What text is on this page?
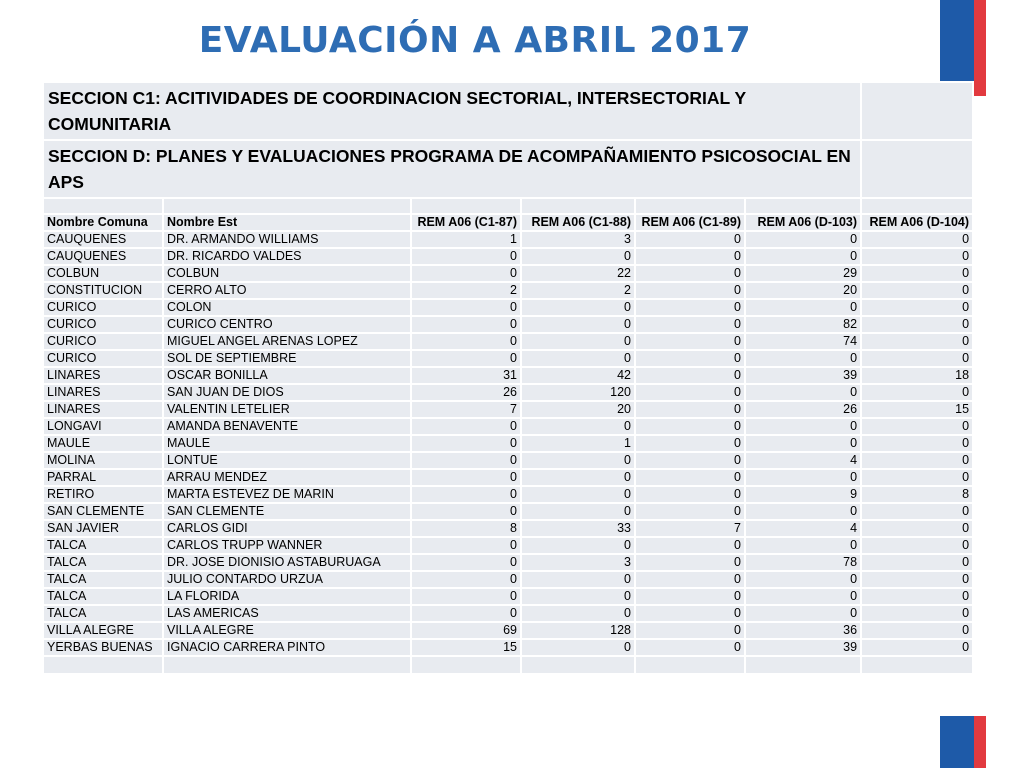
EVALUACIÓN A ABRIL 2017
SECCION C1: ACITIVIDADES DE COORDINACION SECTORIAL, INTERSECTORIAL Y COMUNITARIA						
SECCION D: PLANES Y EVALUACIONES PROGRAMA DE ACOMPAÑAMIENTO PSICOSOCIAL EN APS						

Nombre Comuna	Nombre Est	REM A06 (C1-87)	REM A06 (C1-88)	REM A06 (C1-89)	REM A06 (D-103)	REM A06 (D-104)
CAUQUENES	DR. ARMANDO WILLIAMS	1	3	0	0	0
CAUQUENES	DR. RICARDO VALDES	0	0	0	0	0
COLBUN	COLBUN	0	22	0	29	0
CONSTITUCION	CERRO ALTO	2	2	0	20	0
CURICO	COLON	0	0	0	0	0
CURICO	CURICO CENTRO	0	0	0	82	0
CURICO	MIGUEL ANGEL ARENAS LOPEZ	0	0	0	74	0
CURICO	SOL DE SEPTIEMBRE	0	0	0	0	0
LINARES	OSCAR BONILLA	31	42	0	39	18
LINARES	SAN JUAN DE DIOS	26	120	0	0	0
LINARES	VALENTIN LETELIER	7	20	0	26	15
LONGAVI	AMANDA BENAVENTE	0	0	0	0	0
MAULE	MAULE	0	1	0	0	0
MOLINA	LONTUE	0	0	0	4	0
PARRAL	ARRAU MENDEZ	0	0	0	0	0
RETIRO	MARTA ESTEVEZ DE MARIN	0	0	0	9	8
SAN CLEMENTE	SAN CLEMENTE	0	0	0	0	0
SAN JAVIER	CARLOS GIDI	8	33	7	4	0
TALCA	CARLOS TRUPP WANNER	0	0	0	0	0
TALCA	DR. JOSE DIONISIO ASTABURUAGA	0	3	0	78	0
TALCA	JULIO CONTARDO URZUA	0	0	0	0	0
TALCA	LA FLORIDA	0	0	0	0	0
TALCA	LAS AMERICAS	0	0	0	0	0
VILLA ALEGRE	VILLA ALEGRE	69	128	0	36	0
YERBAS BUENAS	IGNACIO CARRERA PINTO	15	0	0	39	0
